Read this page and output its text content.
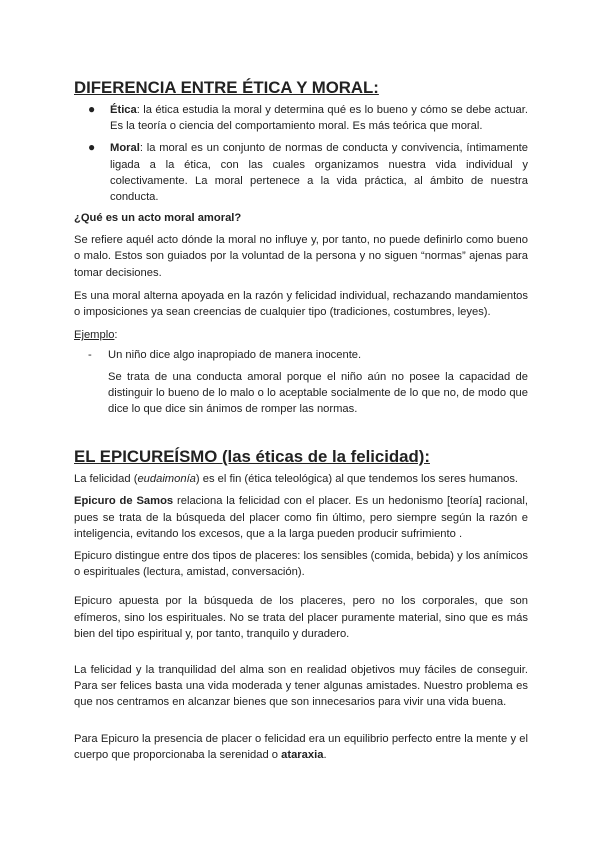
DIFERENCIA ENTRE ÉTICA Y MORAL:
● Ética: la ética estudia la moral y determina qué es lo bueno y cómo se debe actuar. Es la teoría o ciencia del comportamiento moral. Es más teórica que moral.
● Moral: la moral es un conjunto de normas de conducta y convivencia, íntimamente ligada a la ética, con las cuales organizamos nuestra vida individual y colectivamente. La moral pertenece a la vida práctica, al ámbito de nuestra conducta.

¿Qué es un acto moral amoral?

Se refiere aquél acto dónde la moral no influye y, por tanto, no puede definirlo como bueno o malo. Estos son guiados por la voluntad de la persona y no siguen “normas” ajenas para tomar decisiones.

Es una moral alterna apoyada en la razón y felicidad individual, rechazando mandamientos o imposiciones ya sean creencias de cualquier tipo (tradiciones, costumbres, leyes).

Ejemplo:

- Un niño dice algo inapropiado de manera inocente.

Se trata de una conducta amoral porque el niño aún no posee la capacidad de distinguir lo bueno de lo malo o lo aceptable socialmente de lo que no, de modo que dice lo que dice sin ánimos de romper las normas.

EL EPICUREÍSMO (las éticas de la felicidad):

La felicidad (eudaimonía) es el fin (ética teleológica) al que tendemos los seres humanos.

Epicuro de Samos relaciona la felicidad con el placer. Es un hedonismo [teoría] racional, pues se trata de la búsqueda del placer como fin último, pero siempre según la razón e inteligencia, evitando los excesos, que a la larga pueden producir sufrimiento .

Epicuro distingue entre dos tipos de placeres: los sensibles (comida, bebida) y los anímicos o espirituales (lectura, amistad, conversación).

Epicuro apuesta por la búsqueda de los placeres, pero no los corporales, que son efímeros, sino los espirituales. No se trata del placer puramente material, sino que es más bien del tipo espiritual y, por tanto, tranquilo y duradero.

La felicidad y la tranquilidad del alma son en realidad objetivos muy fáciles de conseguir. Para ser felices basta una vida moderada y tener algunas amistades. Nuestro problema es que nos centramos en alcanzar bienes que son innecesarios para vivir una vida buena.

Para Epicuro la presencia de placer o felicidad era un equilibrio perfecto entre la mente y el cuerpo que proporcionaba la serenidad o ataraxia.
